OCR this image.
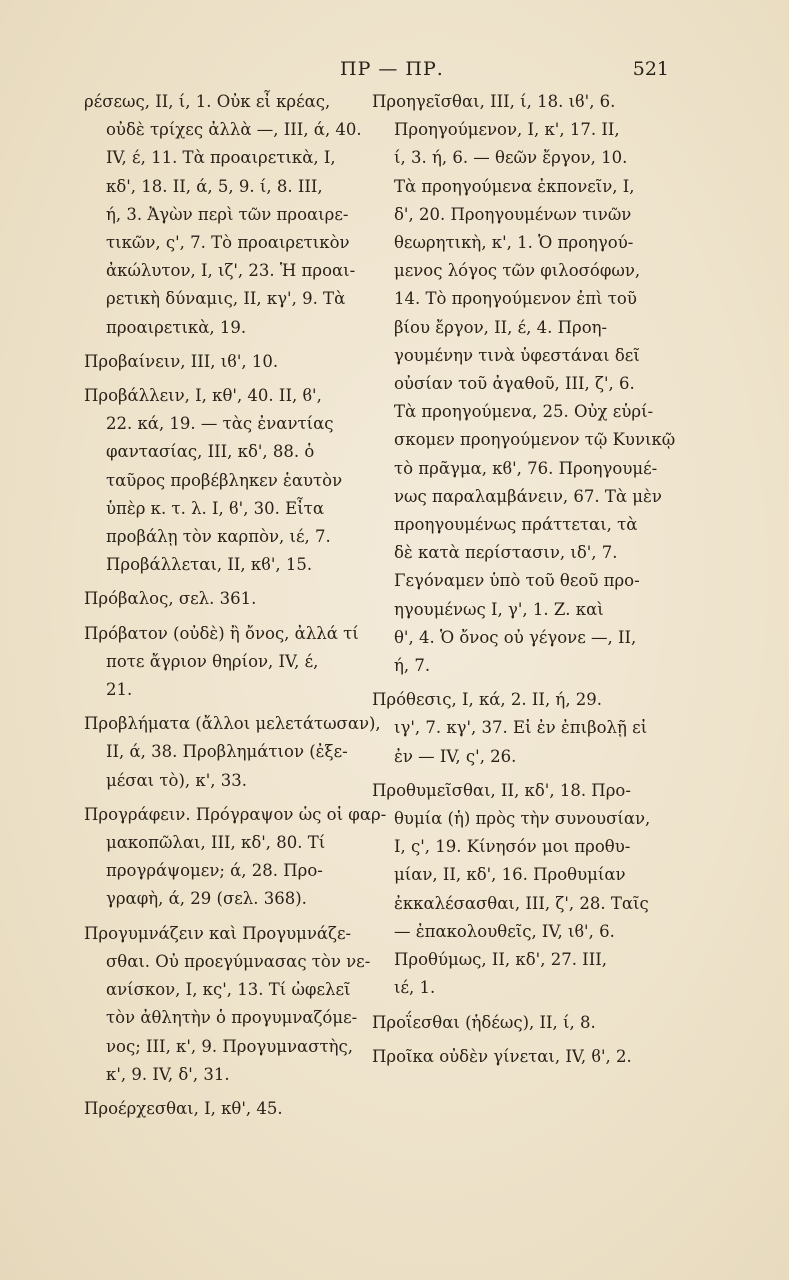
ΠΡ — ΠΡ.	521
ρέσεως, ΙΙ, ί, 1. Οὐκ εἶ κρέας,
οὐδὲ τρίχες ἀλλὰ —, ΙΙΙ, ά, 40.
ΙV, έ, 11. Τὰ προαιρετικὰ, Ι,
κδ', 18. ΙΙ, ά, 5, 9. ί, 8. ΙΙΙ,
ή, 3. Ἀγὼν περὶ τῶν προαιρε-
τικῶν, ς', 7. Τὸ προαιρετικὸν
ἀκώλυτον, Ι, ιζ', 23. Ἡ προαι-
ρετικὴ δύναμις, ΙΙ, κγ', 9. Τὰ
προαιρετικὰ, 19.
Προβαίνειν, ΙΙΙ, ιϐ', 10.
Προβάλλειν, Ι, κθ', 40. ΙΙ, ϐ',
22. κά, 19. — τὰς ἐναντίας
φαντασίας, ΙΙΙ, κδ', 88. ὁ
ταῦρος προβέβληκεν ἑαυτὸν
ὑπὲρ κ. τ. λ. Ι, ϐ', 30. Εἶτα
προβάλῃ τὸν καρπὸν, ιέ, 7.
Προβάλλεται, ΙΙ, κϐ', 15.
Πρόβαλος, σελ. 361.
Πρόβατον (οὐδὲ) ἢ ὄνος, ἀλλά τί
ποτε ἄγριον θηρίον, ΙV, έ,
21.
Προβλήματα (ἄλλοι μελετάτωσαν),
ΙΙ, ά, 38. Προβλημάτιον (ἐξε-
μέσαι τὸ), κ', 33.
Προγράφειν. Πρόγραψον ὡς οἱ φαρ-
μακοπῶλαι, ΙΙΙ, κδ', 80. Τί
προγράψομεν; ά, 28. Προ-
γραφὴ, ά, 29 (σελ. 368).
Προγυμνάζειν καὶ Προγυμνάζε-
σθαι. Οὐ προεγύμνασας τὸν νε-
ανίσκον, Ι, κς', 13. Τί ὠφελεῖ
τὸν ἀθλητὴν ὁ προγυμναζόμε-
νος; ΙΙΙ, κ', 9. Προγυμναστὴς,
κ', 9. ΙV, δ', 31.
Προέρχεσθαι, Ι, κθ', 45.
Προηγεῖσθαι, ΙΙΙ, ί, 18. ιϐ', 6.
Προηγούμενον, Ι, κ', 17. ΙΙ,
ί, 3. ή, 6. — θεῶν ἔργον, 10.
Τὰ προηγούμενα ἐκπονεῖν, Ι,
δ', 20. Προηγουμένων τινῶν
θεωρητικὴ, κ', 1. Ὁ προηγού-
μενος λόγος τῶν φιλοσόφων,
14. Τὸ προηγούμενον ἐπὶ τοῦ
βίου ἔργον, ΙΙ, έ, 4. Προη-
γουμένην τινὰ ὑφεστάναι δεῖ
οὐσίαν τοῦ ἀγαθοῦ, ΙΙΙ, ζ', 6.
Τὰ προηγούμενα, 25. Οὐχ εὑρί-
σκομεν προηγούμενον τῷ Κυνικῷ
τὸ πρᾶγμα, κϐ', 76. Προηγουμέ-
νως παραλαμβάνειν, 67. Τὰ μὲν
προηγουμένως πράττεται, τὰ
δὲ κατὰ περίστασιν, ιδ', 7.
Γεγόναμεν ὑπὸ τοῦ θεοῦ προ-
ηγουμένως Ι, γ', 1. Ζ. καὶ
θ', 4. Ὁ ὄνος οὐ γέγονε —, ΙΙ,
ή, 7.
Πρόθεσις, Ι, κά, 2. ΙΙ, ή, 29.
ιγ', 7. κγ', 37. Εἰ ἐν ἐπιβολῇ εἰ
ἐν — ΙV, ς', 26.
Προθυμεῖσθαι, ΙΙ, κδ', 18. Προ-
θυμία (ἡ) πρὸς τὴν συνουσίαν,
Ι, ς', 19. Κίνησόν μοι προθυ-
μίαν, ΙΙ, κδ', 16. Προθυμίαν
ἐκκαλέσασθαι, ΙΙΙ, ζ', 28. Ταῖς
— ἐπακολουθεῖς, ΙV, ιϐ', 6.
Προθύμως, ΙΙ, κδ', 27. ΙΙΙ,
ιέ, 1.
Προΐεσθαι (ἡδέως), ΙΙ, ί, 8.
Προῖκα οὐδὲν γίνεται, ΙV, ϐ', 2.
